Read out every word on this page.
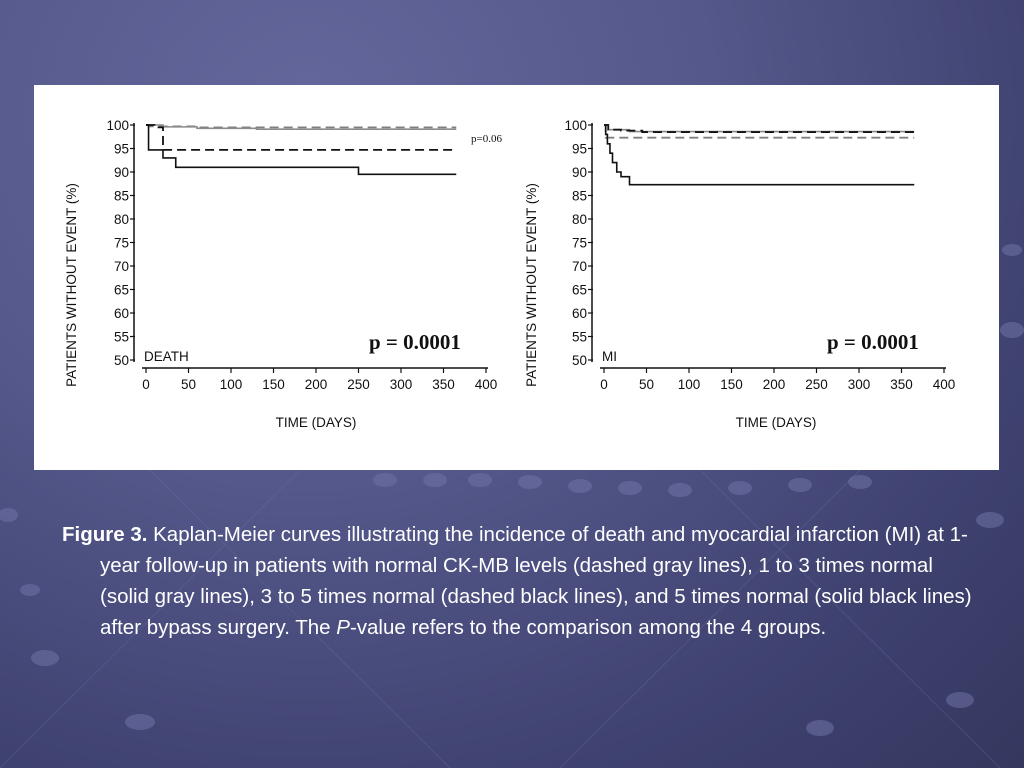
PATIENTS WITHOUT EVENT (%)
TIME (DAYS)
DEATH
p=0.06
p = 0.0001
100
95
90
85
80
75
70
65
60
55
50
0 50 100 150 200 250 300 350 400 PATIENTS WITHOUT EVENT (%)
TIME (DAYS)
MI
p = 0.0001
100
95
90
85
80
75
70
65
60
55
50
0 50 100 150 200 250 300 350 400

Figure 3. Kaplan-Meier curves illustrating the incidence of death and myocardial infarction (MI) at 1-year follow-up in patients with normal CK-MB levels (dashed gray lines), 1 to 3 times normal (solid gray lines), 3 to 5 times normal (dashed black lines), and 5 times normal (solid black lines) after bypass surgery. The P-value refers to the comparison among the 4 groups.
